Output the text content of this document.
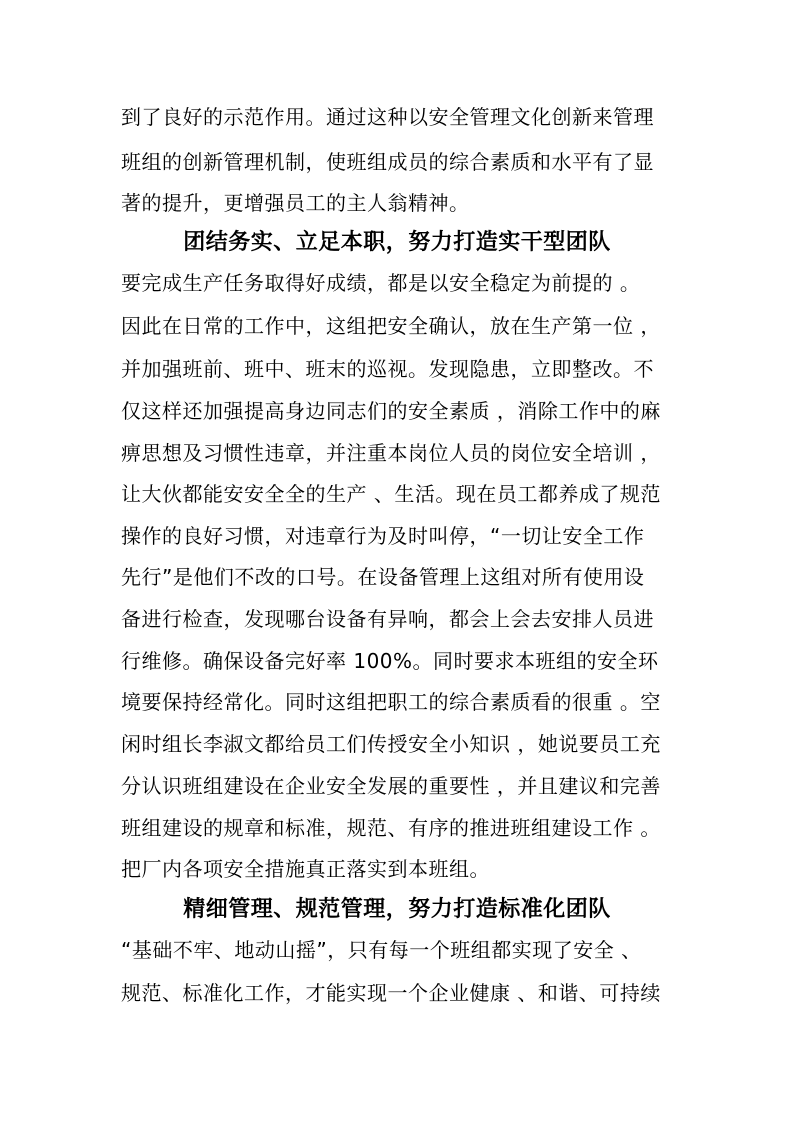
到了良好的示范作用。通过这种以安全管理文化创新来管理
班组的创新管理机制，使班组成员的综合素质和水平有了显
著的提升，更增强员工的主人翁精神。
团结务实、立足本职，努力打造实干型团队
要完成生产任务取得好成绩，都是以安全稳定为前提的 。
因此在日常的工作中，这组把安全确认，放在生产第一位 ，
并加强班前、班中、班末的巡视。发现隐患，立即整改。不
仅这样还加强提高身边同志们的安全素质 ，消除工作中的麻
痹思想及习惯性违章，并注重本岗位人员的岗位安全培训 ，
让大伙都能安安全全的生产 、生活。现在员工都养成了规范
操作的良好习惯，对违章行为及时叫停，“一切让安全工作
先行”是他们不改的口号。在设备管理上这组对所有使用设
备进行检查，发现哪台设备有异响，都会上会去安排人员进
行维修。确保设备完好率 100%。同时要求本班组的安全环
境要保持经常化。同时这组把职工的综合素质看的很重 。空
闲时组长李淑文都给员工们传授安全小知识 ，她说要员工充
分认识班组建设在企业安全发展的重要性 ，并且建议和完善
班组建设的规章和标准，规范、有序的推进班组建设工作 。
把厂内各项安全措施真正落实到本班组。
精细管理、规范管理，努力打造标准化团队
“基础不牢、地动山摇”，只有每一个班组都实现了安全 、
规范、标准化工作，才能实现一个企业健康 、和谐、可持续
